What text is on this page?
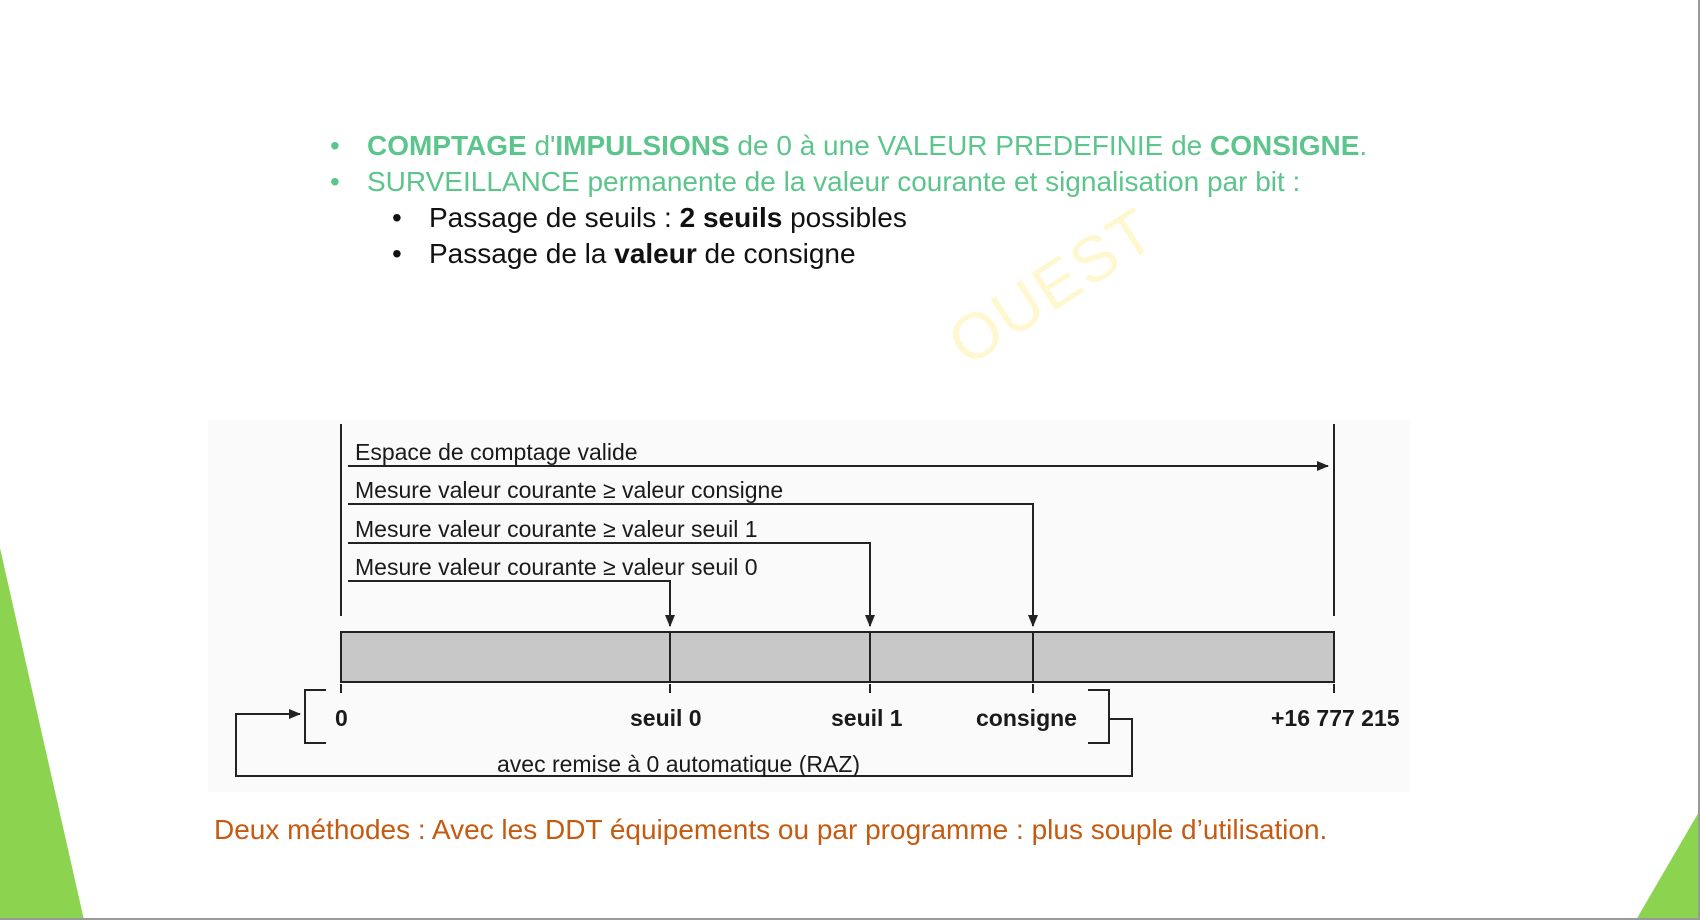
OUEST
• COMPTAGE d'IMPULSIONS de 0 à une VALEUR PREDEFINIE de CONSIGNE.
• SURVEILLANCE permanente de la valeur courante et signalisation par bit :
• Passage de seuils : 2 seuils possibles
• Passage de la valeur de consigne
Espace de comptage valide
Mesure valeur courante ≥ valeur consigne
Mesure valeur courante ≥ valeur seuil 1
Mesure valeur courante ≥ valeur seuil 0
0	seuil 0	seuil 1	consigne	+16 777 215
avec remise à 0 automatique (RAZ)
Deux méthodes : Avec les DDT équipements ou par programme : plus souple d’utilisation.
